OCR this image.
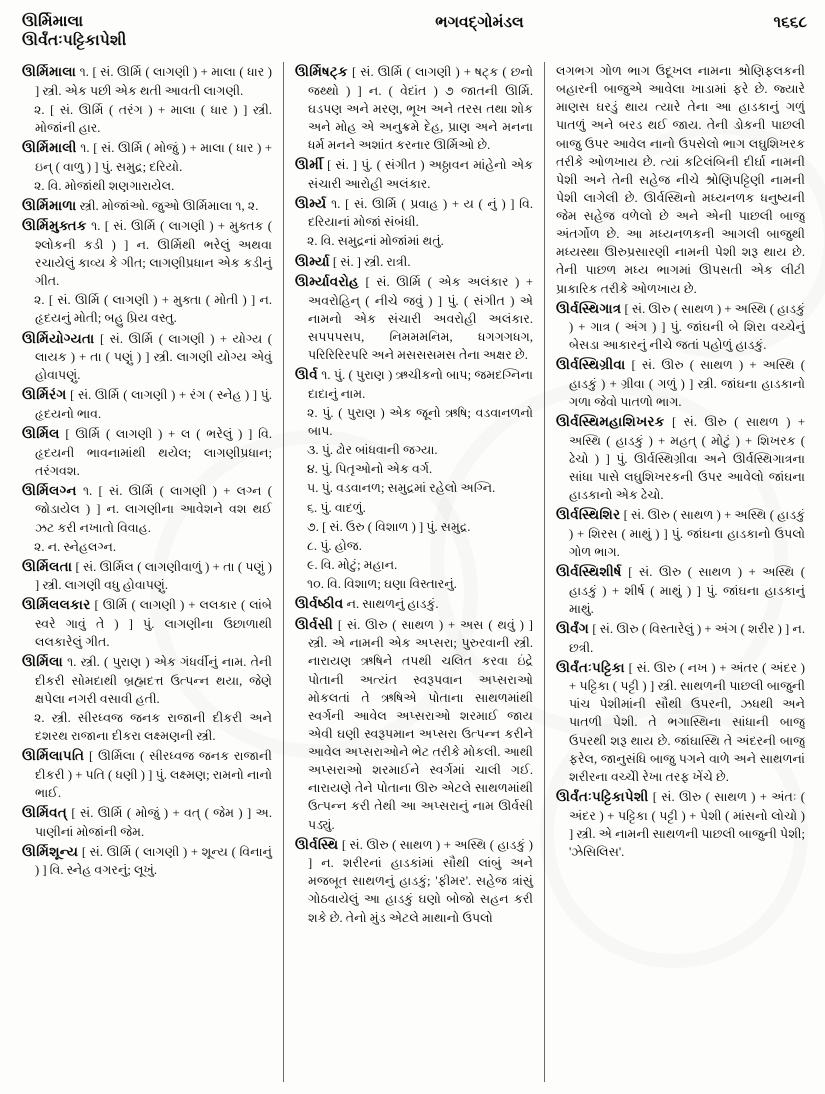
ઊર્મિમાલા
ઊર્વંતઃપટ્ટિકાપેશી
ભગવદ્ગોમંડલ	૧૬૬૮

ઊર્મિમાલા ૧. [ સં. ઊર્મિ ( લાગણી ) + માલા ( ધાર ) ] સ્ત્રી. એક પછી એક થતી આવતી લાગણી.

૨. [ સં. ઊર્મિ ( તરંગ ) + માલા ( ધાર ) ] સ્ત્રી. મોજાંની હાર.

ઊર્મિમાલી ૧. [ સં. ઊર્મિ ( મોજું ) + માલા ( ધાર ) + ઇન્ ( વાળુ ) ] પું. સમુદ્ર; દરિયો.

૨. વિ. મોજાંથી શણગારાયેલ.

ઊર્મિમાળા સ્ત્રી. મોજાંઓ. જુઓ ઊર્મિમાલા ૧, ૨.

ઊર્મિમુક્તક ૧. [ સં. ઊર્મિ ( લાગણી ) + મુક્તક ( શ્લોકની કડી ) ] ન. ઊર્મિથી ભરેલું અથવા રચાયેલું કાવ્ય કે ગીત; લાગણીપ્રધાન એક કડીનું ગીત.

૨. [ સં. ઊર્મિ ( લાગણી ) + મુક્તા ( મોતી ) ] ન. હૃદયનું મોતી; બહુ પ્રિય વસ્તુ.

ઊર્મિયોગ્યતા [ સં. ઊર્મિ ( લાગણી ) + યોગ્ય ( લાયક ) + તા ( પણું ) ] સ્ત્રી. લાગણી યોગ્ય એવું હોવાપણું.

ઊર્મિરંગ [ સં. ઊર્મિ ( લાગણી ) + રંગ ( સ્નેહ ) ] પું. હૃદયનો ભાવ.

ઊર્મિલ [ ઊર્મિ ( લાગણી ) + લ ( ભરેલું ) ] વિ. હૃદયની ભાવનામાંથી થયેલ; લાગણીપ્રધાન; તરંગવશ.

ઊર્મિલગ્ન ૧. [ સં. ઊર્મિ ( લાગણી ) + લગ્ન ( જોડાયેલ ) ] ન. લાગણીના આવેશને વશ થઈ ઝટ કરી નખાતો વિવાહ.

૨. ન. સ્નેહલગ્ન.

ઊર્મિલતા [ સં. ઊર્મિલ ( લાગણીવાળું ) + તા ( પણું ) ] સ્ત્રી. લાગણી વધુ હોવાપણું.

ઊર્મિલલકાર [ ઊર્મિ ( લાગણી ) + લલકાર ( લાંબે સ્વરે ગાવું તે ) ] પું. લાગણીના ઉછાળાથી લલકારેલું ગીત.

ઊર્મિલા ૧. સ્ત્રી. ( પુરાણ ) એક ગંધર્વીનું નામ. તેની દીકરી સોમદાથી બ્રહ્મદત્ત ઉત્પન્ન થયા, જેણે ક્ષપેલા નગરી વસાવી હતી.

૨. સ્ત્રી. સીરધ્વજ જનક રાજાની દીકરી અને દશરથ રાજાના દીકરા લક્ષ્મણની સ્ત્રી.

ઊર્મિલાપતિ [ ઊર્મિલા ( સીરધ્વજ જનક રાજાની દીકરી ) + પતિ ( ધણી ) ] પું. લક્ષ્મણ; રામનો નાનો ભાઈ.

ઊર્મિવત્ [ સં. ઊર્મિ ( મોજું ) + વત્ ( જેમ ) ] અ. પાણીનાં મોજાંની જેમ.

ઊર્મિશૂન્ય [ સં. ઊર્મિ ( લાગણી ) + શૂન્ય ( વિનાનું ) ] વિ. સ્નેહ વગરનું; લૂખું.

ઊર્મિષટ્ક [ સં. ઊર્મિ ( લાગણી ) + ષટ્ક ( છનો જથ્થો ) ] ન. ( વેદાંત ) ૭ જાતની ઊર્મિ. ઘડપણ અને મરણ, ભૂખ અને તરસ તથા શોક અને મોહ એ અનુક્રમે દેહ, પ્રાણ અને મનના ધર્મ મનને અશાંત કરનાર ઊર્મિઓ છે.

ઊર્મી [ સં. ] પું. ( સંગીત ) અઠ્ઠાવન માંહેનો એક સંચારી આરોહી અલંકાર.

ઊર્મ્ય ૧. [ સં. ઊર્મિ ( પ્રવાહ ) + ય ( નું ) ] વિ. દરિયાનાં મોજાં સંબંધી.

૨. વિ. સમુદ્રનાં મોજાંમાં થતું.

ઊર્મ્યા [ સં. ] સ્ત્રી. રાત્રી.

ઊર્મ્યાવરોહ [ સં. ઊર્મિ ( એક અલંકાર ) + અવરોહિન્ ( નીચે જવું ) ] પું. ( સંગીત ) એ નામનો એક સંચારી અવરોહી અલંકાર. સપપપસપ, નિમમમનિમ, ધગગગધગ, પરિરિરિરપરિ અને મસસસમસ તેના અક્ષર છે.

ઊર્વ ૧. પું. ( પુરાણ ) ઋચીકનો બાપ; જમદગ્નિના દાદાનું નામ.

૨. પું. ( પુરાણ ) એક જૂનો ઋષિ; વડવાનળનો બાપ.

૩. પું. ઢોર બાંધવાની જગ્યા.

૪. પું. પિતૃઓનો એક વર્ગ.

૫. પું. વડવાનળ; સમુદ્રમાં રહેલો અગ્નિ.

૬. પું. વાદળું.

૭. [ સં. ઉરુ ( વિશાળ ) ] પું. સમુદ્ર.

૮. પું. હોજ.

૯. વિ. મોટું; મહાન.

૧૦. વિ. વિશાળ; ઘણા વિસ્તારનું.

ઊર્વષ્ઠીવ ન. સાથળનું હાડકું.

ઊર્વસી [ સં. ઊરુ ( સાથળ ) + અસ ( થવું ) ] સ્ત્રી. એ નામની એક અપ્સરા; પુરુરવાની સ્ત્રી. નારાયણ ઋષિને તપથી ચલિત કરવા ઇંદ્રે પોતાની અત્યંત સ્વરૂપવાન અપ્સરાઓ મોકલતાં તે ઋષિએ પોતાના સાથળમાંથી સ્વર્ગની આવેલ અપ્સરાઓ શરમાઈ જાય એવી ઘણી સ્વરૂપમાન અપ્સરા ઉત્પન્ન કરીને આવેલ અપ્સરાઓને ભેટ તરીકે મોકલી. આથી અપ્સરાઓ શરમાઈને સ્વર્ગમાં ચાલી ગઈ. નારાયણે તેને પોતાના ઊરુ એટલે સાથળમાંથી ઉત્પન્ન કરી તેથી આ અપ્સરાનું નામ ઊર્વસી પડ્યું.

ઊર્વસ્થિ [ સં. ઊરુ ( સાથળ ) + અસ્થિ ( હાડકું ) ] ન. શરીરનાં હાડકાંમાં સૌથી લાંબું અને મજબૂત સાથળનું હાડકું; 'ફીમર'. સહેજ ત્રાંસું ગોઠવાયેલું આ હાડકું ઘણો બોજો સહન કરી શકે છે. તેનો મુંડ એટલે માથાનો ઉપલો

લગભગ ગોળ ભાગ ઉદૂખલ નામના શ્રોણિફલકની બહારની બાજુએ આવેલા ખાડામાં ફરે છે. જ્યારે માણસ ઘરડું થાય ત્યારે તેના આ હાડકાનું ગળું પાતળું અને બરડ થઈ જાય. તેની ડોકની પાછલી બાજુ ઉપર આવેલ નાનો ઉપસેલો ભાગ લઘુશિખરક તરીકે ઓળખાય છે. ત્યાં કટિલંબિની દીર્ઘા નામની પેશી અને તેની સહેજ નીચે શ્રોણિપટ્ટિણી નામની પેશી લાગેલી છે. ઊર્વસ્થિનો મધ્યનળક ધનુષ્યની જેમ સહેજ વળેલો છે અને એની પાછલી બાજુ અંતર્ગોળ છે. આ મધ્યનળકની આગલી બાજુથી મધ્યસ્થા ઊરુપ્રસારણી નામની પેશી શરૂ થાય છે. તેની પાછળ મધ્ય ભાગમાં ઊપસતી એક લીટી પ્રાકારિક તરીકે ઓળખાય છે.

ઊર્વસ્થિગાત્ર [ સં. ઊરુ ( સાથળ ) + અસ્થિ ( હાડકું ) + ગાત્ર ( અંગ ) ] પું. જાંઘની બે શિરા વચ્ચેનું બેસડા આકારનું નીચે જતાં પહોળું હાડકું.

ઊર્વસ્થિગ્રીવા [ સં. ઊરુ ( સાથળ ) + અસ્થિ ( હાડકું ) + ગ્રીવા ( ગળું ) ] સ્ત્રી. જાંઘના હાડકાનો ગળા જેવો પાતળો ભાગ.

ઊર્વસ્થિમહાશિખરક [ સં. ઊરુ ( સાથળ ) + અસ્થિ ( હાડકું ) + મહત્ ( મોટું ) + શિખરક ( ઢેચો ) ] પું. ઊર્વસ્થિગ્રીવા અને ઊર્વસ્થિગાત્રના સાંધા પાસે લઘુશિખરકની ઉપર આવેલો જાંઘના હાડકાનો એક ઢેચો.

ઊર્વસ્થિશિર [ સં. ઊરુ ( સાથળ ) + અસ્થિ ( હાડકું ) + શિરસ ( માથું ) ] પું. જાંઘના હાડકાનો ઉપલો ગોળ ભાગ.

ઊર્વસ્થિશીર્ષ [ સં. ઊરુ ( સાથળ ) + અસ્થિ ( હાડકું ) + શીર્ષ ( માથું ) ] પું. જાંઘના હાડકાનું માથું.

ઊર્વંગ [ સં. ઊરુ ( વિસ્તારેલું ) + અંગ ( શરીર ) ] ન. છત્રી.

ઊર્વંતઃપટ્ટિકા [ સં. ઊરુ ( નખ ) + અંતર ( અંદર ) + પટ્ટિકા ( પટ્ટી ) ] સ્ત્રી. સાથળની પાછલી બાજુની પાંચ પેશીમાંની સૌથી ઉપરની, ઝધથી અને પાતળી પેશી. તે ભગાસ્થિના સાંધાની બાજુ ઉપરથી શરૂ થાય છે. જાંઘાસ્થિ તે અંદરની બાજુ ફરેલ, જાનુસંધિ બાજુ પગને વાળે અને સાથળનાં શરીરના વચ્ચેી રેખા તરફ ખેંચે છે.

ઊર્વંતઃપટ્ટિકાપેશી [ સં. ઊરુ ( સાથળ ) + અંતઃ ( અંદર ) + પટ્ટિકા ( પટ્ટી ) + પેશી ( માંસનો લોચો ) ] સ્ત્રી. એ નામની સાથળની પાછલી બાજુની પેશી; 'ઝેસિલિસ'.
